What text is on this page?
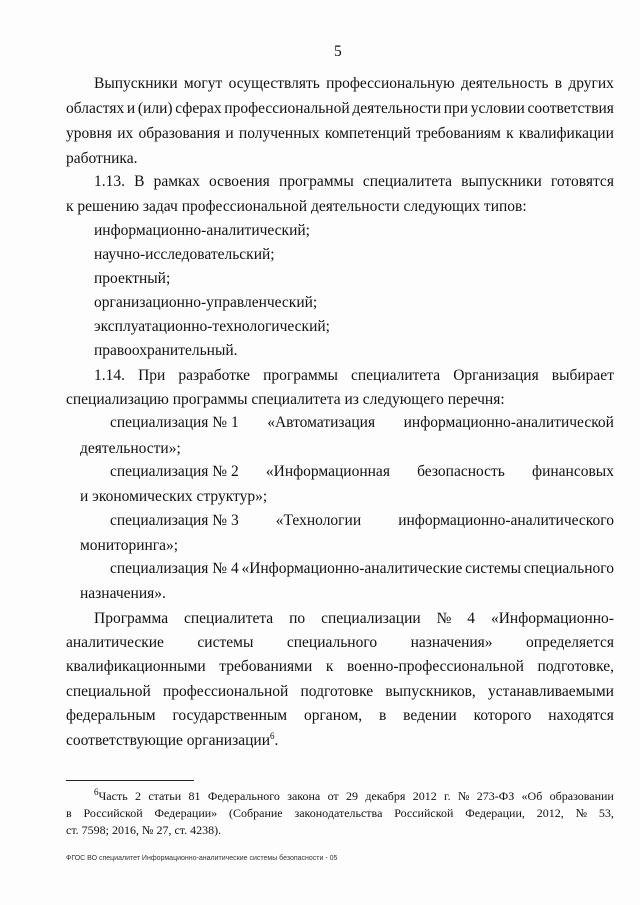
5
Выпускники могут осуществлять профессиональную деятельность в других
областях и (или) сферах профессиональной деятельности при условии соответствия
уровня их образования и полученных компетенций требованиям к квалификации
работника.
1.13. В рамках освоения программы специалитета выпускники готовятся
к решению задач профессиональной деятельности следующих типов:
информационно-аналитический;
научно-исследовательский;
проектный;
организационно-управленческий;
эксплуатационно-технологический;
правоохранительный.
1.14. При разработке программы специалитета Организация выбирает
специализацию программы специалитета из следующего перечня:
специализация № 1 «Автоматизация информационно-аналитической
деятельности»;
специализация № 2 «Информационная безопасность финансовых
и экономических структур»;
специализация № 3 «Технологии информационно-аналитического
мониторинга»;
специализация № 4 «Информационно-аналитические системы специального
назначения».
Программа специалитета по специализации № 4 «Информационно-
аналитические системы специального назначения» определяется
квалификационными требованиями к военно-профессиональной подготовке,
специальной профессиональной подготовке выпускников, устанавливаемыми
федеральным государственным органом, в ведении которого находятся
соответствующие организации$^6$.
$^6$Часть 2 статьи 81 Федерального закона от 29 декабря 2012 г. № 273-ФЗ «Об образовании
в Российской Федерации» (Собрание законодательства Российской Федерации, 2012, № 53,
ст. 7598; 2016, № 27, ст. 4238).
ФГОС ВО специалитет Информационно-аналитические системы безопасности - 05
